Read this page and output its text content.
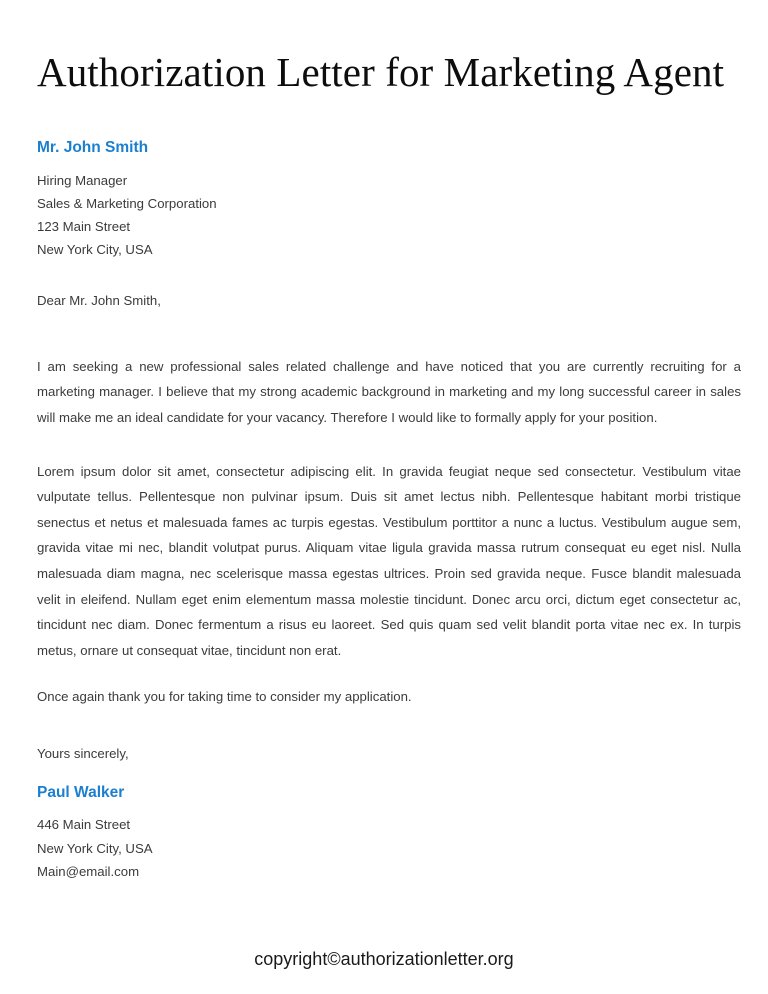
Authorization Letter for Marketing Agent
Mr. John Smith
Hiring Manager
Sales & Marketing Corporation
123 Main Street
New York City, USA
Dear Mr. John Smith,

I am seeking a new professional sales related challenge and have noticed that you are currently recruiting for a marketing manager. I believe that my strong academic background in marketing and my long successful career in sales will make me an ideal candidate for your vacancy. Therefore I would like to formally apply for your position.

Lorem ipsum dolor sit amet, consectetur adipiscing elit. In gravida feugiat neque sed consectetur. Vestibulum vitae vulputate tellus. Pellentesque non pulvinar ipsum. Duis sit amet lectus nibh. Pellentesque habitant morbi tristique senectus et netus et malesuada fames ac turpis egestas. Vestibulum porttitor a nunc a luctus. Vestibulum augue sem, gravida vitae mi nec, blandit volutpat purus. Aliquam vitae ligula gravida massa rutrum consequat eu eget nisl. Nulla malesuada diam magna, nec scelerisque massa egestas ultrices. Proin sed gravida neque. Fusce blandit malesuada velit in eleifend. Nullam eget enim elementum massa molestie tincidunt. Donec arcu orci, dictum eget consectetur ac, tincidunt nec diam. Donec fermentum a risus eu laoreet. Sed quis quam sed velit blandit porta vitae nec ex. In turpis metus, ornare ut consequat vitae, tincidunt non erat.

Once again thank you for taking time to consider my application.

Yours sincerely,
Paul Walker
446 Main Street
New York City, USA
Main@email.com
copyright©authorizationletter.org
